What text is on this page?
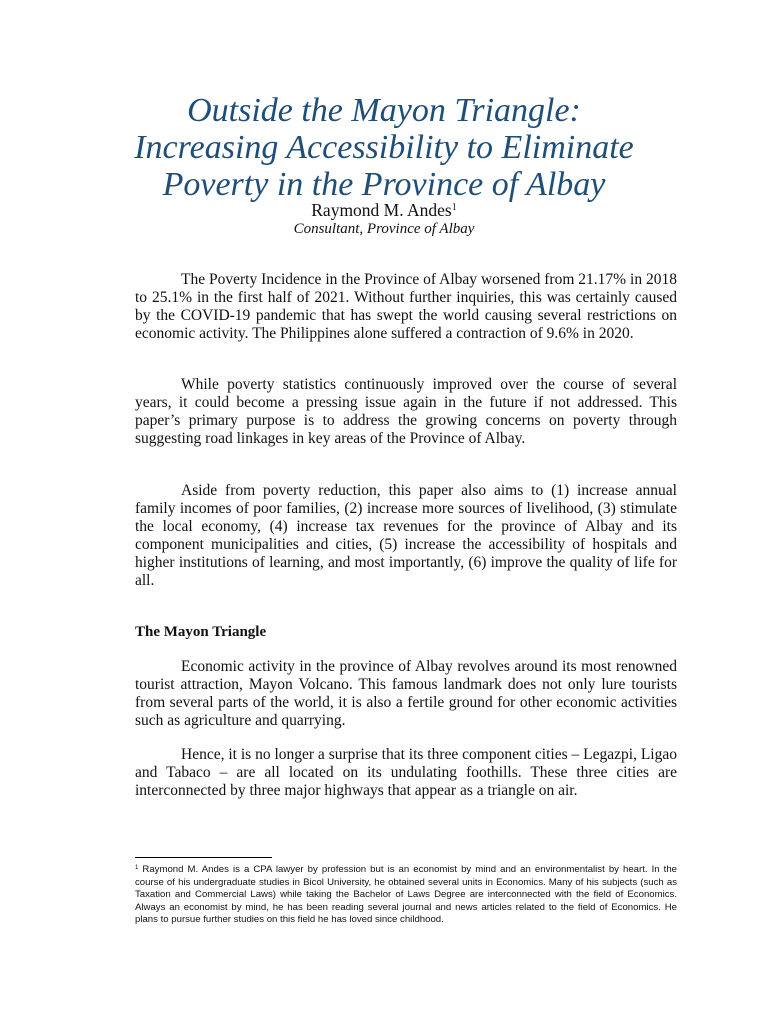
Outside the Mayon Triangle:
Increasing Accessibility to Eliminate
Poverty in the Province of Albay
Raymond M. Andes$^1$
Consultant, Province of Albay

The Poverty Incidence in the Province of Albay worsened from 21.17% in 2018 to 25.1% in the first half of 2021. Without further inquiries, this was certainly caused by the COVID-19 pandemic that has swept the world causing several restrictions on economic activity. The Philippines alone suffered a contraction of 9.6% in 2020.

While poverty statistics continuously improved over the course of several years, it could become a pressing issue again in the future if not addressed. This paper’s primary purpose is to address the growing concerns on poverty through suggesting road linkages in key areas of the Province of Albay.

Aside from poverty reduction, this paper also aims to (1) increase annual family incomes of poor families, (2) increase more sources of livelihood, (3) stimulate the local economy, (4) increase tax revenues for the province of Albay and its component municipalities and cities, (5) increase the accessibility of hospitals and higher institutions of learning, and most importantly, (6) improve the quality of life for all.

The Mayon Triangle

Economic activity in the province of Albay revolves around its most renowned tourist attraction, Mayon Volcano. This famous landmark does not only lure tourists from several parts of the world, it is also a fertile ground for other economic activities such as agriculture and quarrying.

Hence, it is no longer a surprise that its three component cities – Legazpi, Ligao and Tabaco – are all located on its undulating foothills. These three cities are interconnected by three major highways that appear as a triangle on air.

$^1$ Raymond M. Andes is a CPA lawyer by profession but is an economist by mind and an environmentalist by heart. In the course of his undergraduate studies in Bicol University, he obtained several units in Economics. Many of his subjects (such as Taxation and Commercial Laws) while taking the Bachelor of Laws Degree are interconnected with the field of Economics. Always an economist by mind, he has been reading several journal and news articles related to the field of Economics. He plans to pursue further studies on this field he has loved since childhood.
